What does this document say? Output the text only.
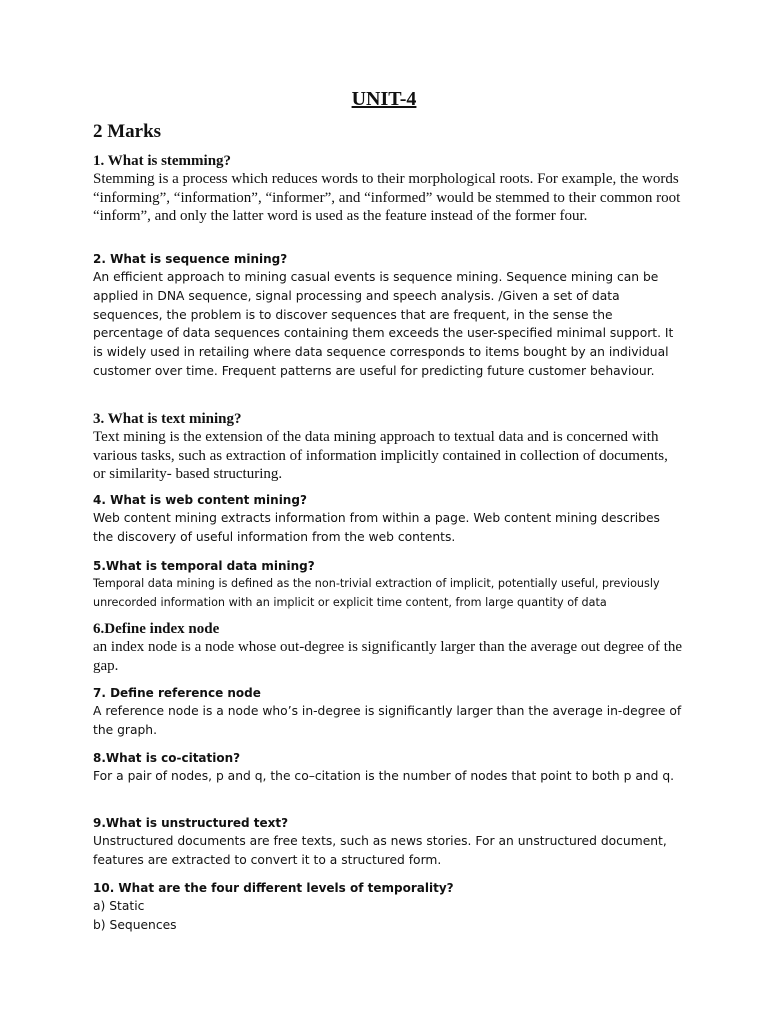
UNIT-4
2 Marks

1. What is stemming?

Stemming is a process which reduces words to their morphological roots. For example, the words “informing”, “information”, “informer”, and “informed” would be stemmed to their common root “inform”, and only the latter word is used as the feature instead of the former four.

2. What is sequence mining?

An efficient approach to mining casual events is sequence mining. Sequence mining can be applied in DNA sequence, signal processing and speech analysis. /Given a set of data sequences, the problem is to discover sequences that are frequent, in the sense the percentage of data sequences containing them exceeds the user-specified minimal support. It is widely used in retailing where data sequence corresponds to items bought by an individual customer over time. Frequent patterns are useful for predicting future customer behaviour.

3. What is text mining?

Text mining is the extension of the data mining approach to textual data and is concerned with various tasks, such as extraction of information implicitly contained in collection of documents, or similarity- based structuring.

4. What is web content mining?

Web content mining extracts information from within a page. Web content mining describes the discovery of useful information from the web contents.

5.What is temporal data mining?

Temporal data mining is defined as the non-trivial extraction of implicit, potentially useful, previously unrecorded information with an implicit or explicit time content, from large quantity of data

6.Define index node

an index node is a node whose out-degree is significantly larger than the average out degree of the gap.

7. Define reference node

A reference node is a node who’s in-degree is significantly larger than the average in-degree of the graph.

8.What is co-citation?

For a pair of nodes, p and q, the co–citation is the number of nodes that point to both p and q.

9.What is unstructured text?

Unstructured documents are free texts, such as news stories. For an unstructured document, features are extracted to convert it to a structured form.

10. What are the four different levels of temporality?

a) Static
b) Sequences
